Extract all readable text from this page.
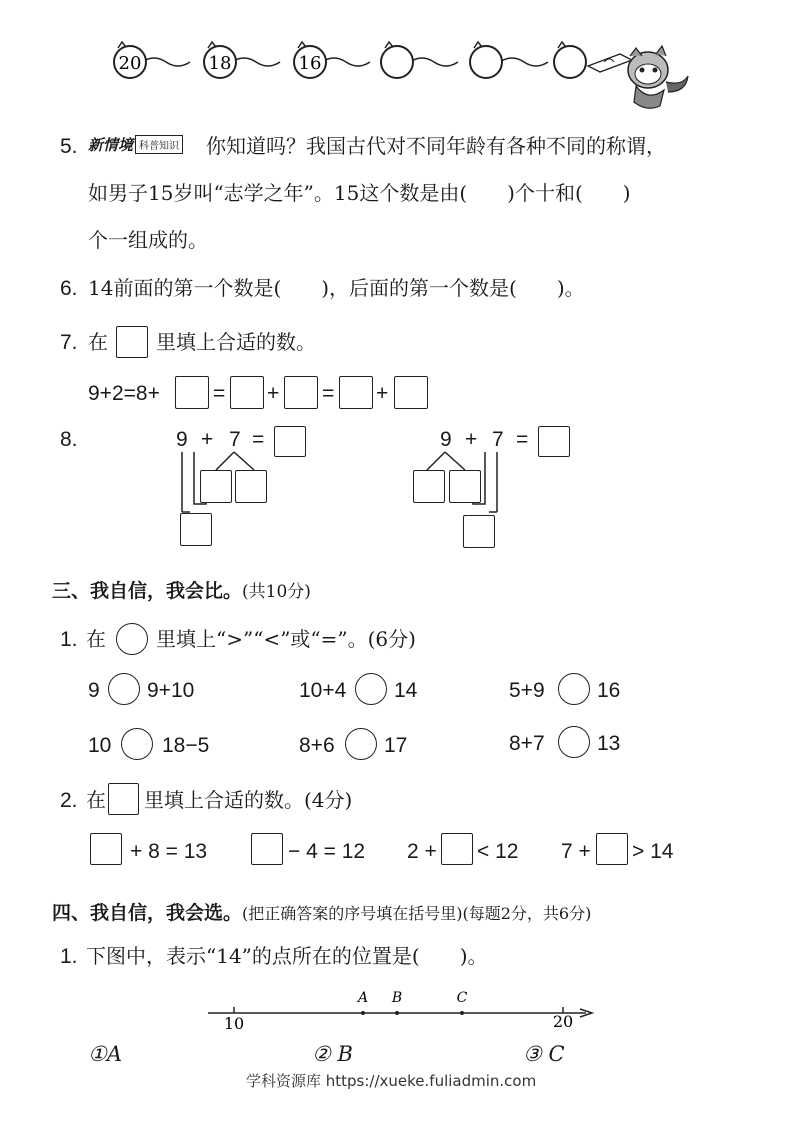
20	18	16
5. 新情境 科普知识 你知道吗？我国古代对不同年龄有各种不同的称谓，
如男子15岁叫“志学之年”。15这个数是由(　　)个十和(　　)
个一组成的。
6. 14前面的第一个数是(　　)，后面的第一个数是(　　)。
7. 在 里填上合适的数。
9+2=8+	= + = +
8.	9 + 7 =	9 + 7 =
三、我自信，我会比。(共10分)
1. 在	里填上“>”“<”或“=”。(6分)
9 9+10	10+4 14	5+9 16
10 18−5	8+6 17	8+7 13
2. 在 里填上合适的数。(4分)
+ 8 = 13	− 4 = 12 2 + < 12 7 + > 14
四、我自信，我会选。(把正确答案的序号填在括号里)(每题2分，共6分)
1. 下图中，表示“14”的点所在的位置是(　　)。
A B	C
10	20
①A	② B	③ C
学科资源库 https://xueke.fuliadmin.com
